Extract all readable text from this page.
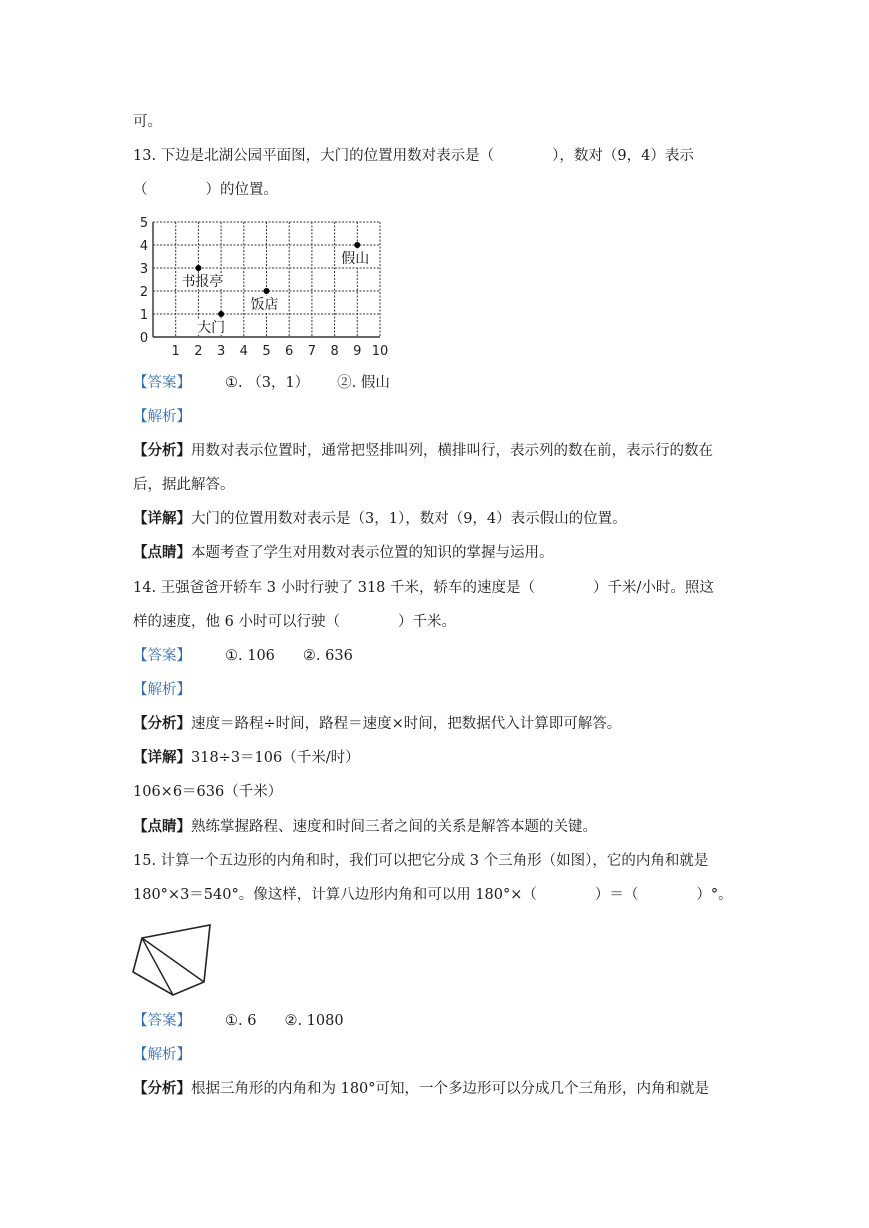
可。
13. 下边是北湖公园平面图，大门的位置用数对表示是（　　　　），数对（9，4）表示
（　　　　）的位置。
1 2 3 4 5 6 7 8 9 10
0
1
2
3
4
5
书报亭
饭店
大门
假山
【答案】 ①. （3，1） ②. 假山
【解析】
【分析】用数对表示位置时，通常把竖排叫列，横排叫行，表示列的数在前，表示行的数在
后，据此解答。
【详解】大门的位置用数对表示是（3，1），数对（9，4）表示假山的位置。
【点睛】本题考查了学生对用数对表示位置的知识的掌握与运用。
14. 王强爸爸开轿车 3 小时行驶了 318 千米，轿车的速度是（　　　　）千米/小时。照这
样的速度，他 6 小时可以行驶（　　　　）千米。
【答案】 ①. 106 ②. 636
【解析】
【分析】速度＝路程÷时间，路程＝速度×时间，把数据代入计算即可解答。
【详解】318÷3＝106（千米/时）
106×6＝636（千米）
【点睛】熟练掌握路程、速度和时间三者之间的关系是解答本题的关键。
15. 计算一个五边形的内角和时，我们可以把它分成 3 个三角形（如图），它的内角和就是
180°×3＝540°。像这样，计算八边形内角和可以用 180°×（　　　　）＝（　　　　）°。
【答案】 ①. 6 ②. 1080
【解析】
【分析】根据三角形的内角和为 180°可知，一个多边形可以分成几个三角形，内角和就是
